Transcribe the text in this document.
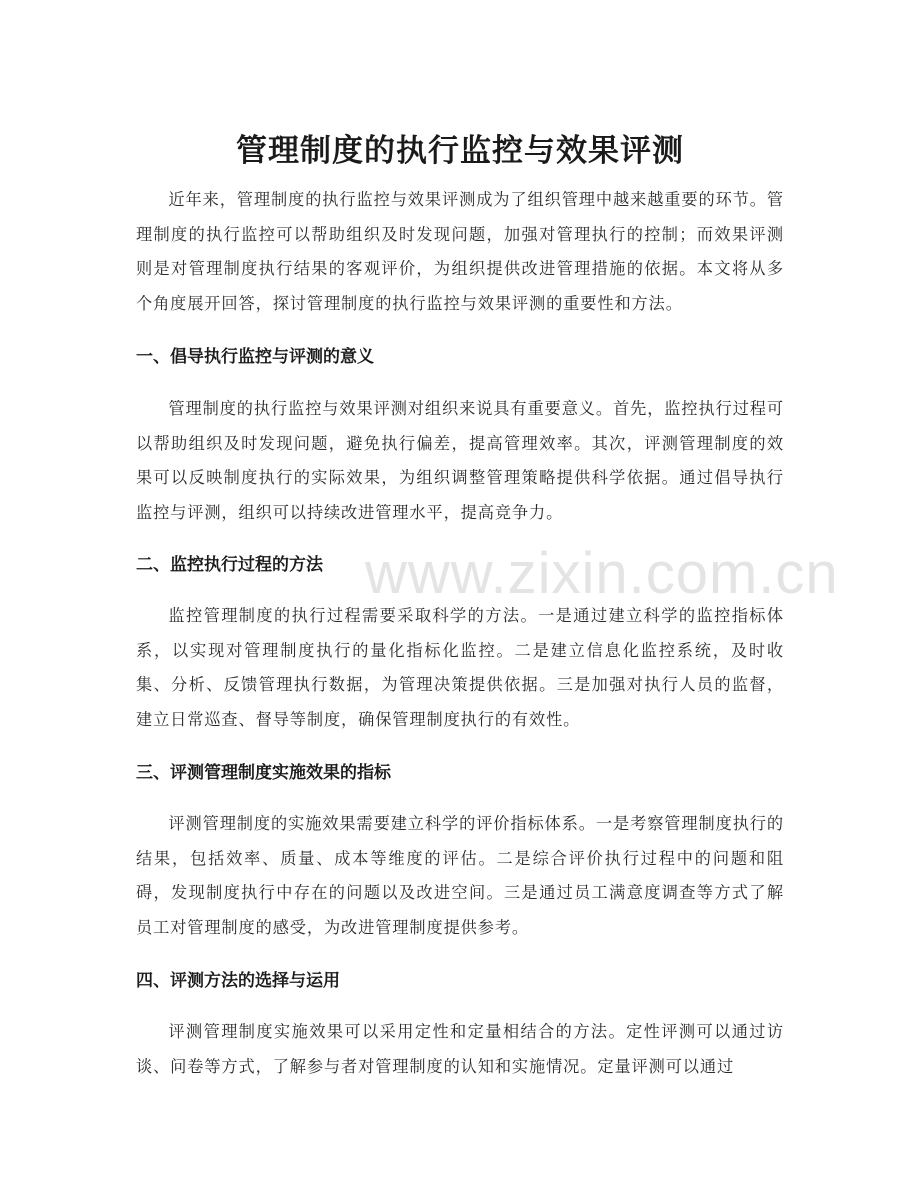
管理制度的执行监控与效果评测

近年来，管理制度的执行监控与效果评测成为了组织管理中越来越重要的环节。管理制度的执行监控可以帮助组织及时发现问题，加强对管理执行的控制；而效果评测则是对管理制度执行结果的客观评价，为组织提供改进管理措施的依据。本文将从多个角度展开回答，探讨管理制度的执行监控与效果评测的重要性和方法。

一、倡导执行监控与评测的意义

管理制度的执行监控与效果评测对组织来说具有重要意义。首先，监控执行过程可以帮助组织及时发现问题，避免执行偏差，提高管理效率。其次，评测管理制度的效果可以反映制度执行的实际效果，为组织调整管理策略提供科学依据。通过倡导执行监控与评测，组织可以持续改进管理水平，提高竞争力。

二、监控执行过程的方法

监控管理制度的执行过程需要采取科学的方法。一是通过建立科学的监控指标体系，以实现对管理制度执行的量化指标化监控。二是建立信息化监控系统，及时收集、分析、反馈管理执行数据，为管理决策提供依据。三是加强对执行人员的监督，建立日常巡查、督导等制度，确保管理制度执行的有效性。

三、评测管理制度实施效果的指标

评测管理制度的实施效果需要建立科学的评价指标体系。一是考察管理制度执行的结果，包括效率、质量、成本等维度的评估。二是综合评价执行过程中的问题和阻碍，发现制度执行中存在的问题以及改进空间。三是通过员工满意度调查等方式了解员工对管理制度的感受，为改进管理制度提供参考。

四、评测方法的选择与运用

评测管理制度实施效果可以采用定性和定量相结合的方法。定性评测可以通过访谈、问卷等方式，了解参与者对管理制度的认知和实施情况。定量评测可以通过

www.zixin.com.cn
